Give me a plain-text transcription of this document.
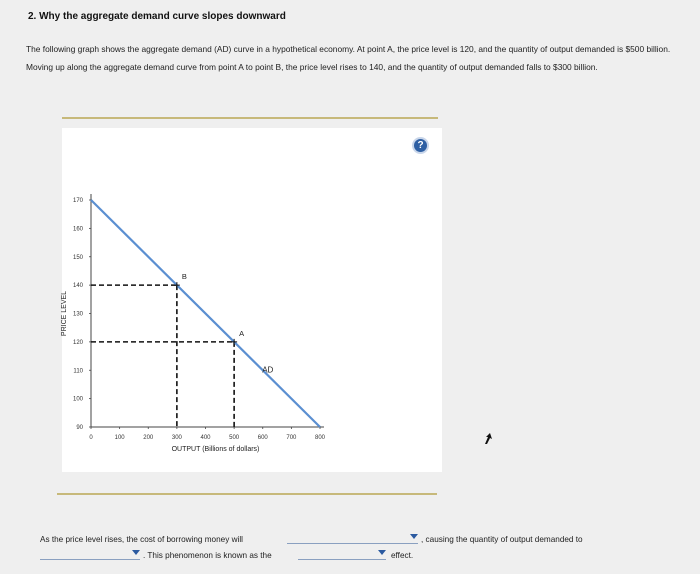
2. Why the aggregate demand curve slopes downward
The following graph shows the aggregate demand (AD) curve in a hypothetical economy. At point A, the price level is 120, and the quantity of output demanded is $500 billion. Moving up along the aggregate demand curve from point A to point B, the price level rises to 140, and the quantity of output demanded falls to $300 billion.
?
170
160
150
140
130
120
110
100
90
0	100	200	300	400	500	600	700	800
OUTPUT (Billions of dollars)
PRICE LEVEL
AD
A
B
As the price level rises, the cost of borrowing money will	, causing the quantity of output demanded to
. This phenomenon is known as the	effect.
